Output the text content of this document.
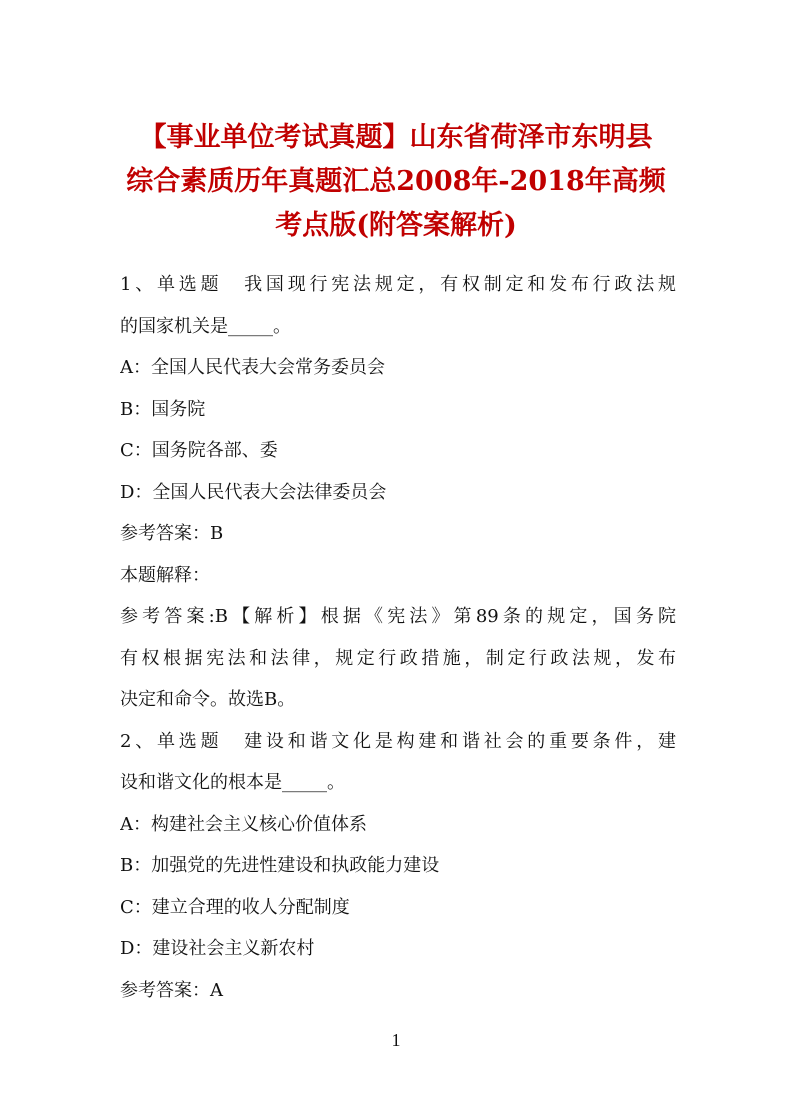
【事业单位考试真题】山东省荷泽市东明县
综合素质历年真题汇总2008年-2018年高频
考点版(附答案解析)
1、单选题　我国现行宪法规定，有权制定和发布行政法规
的国家机关是_____。
A：全国人民代表大会常务委员会
B：国务院
C：国务院各部、委
D：全国人民代表大会法律委员会
参考答案：B
本题解释：
参考答案:B【解析】根据《宪法》第89条的规定，国务院
有权根据宪法和法律，规定行政措施，制定行政法规，发布
决定和命令。故选B。
2、单选题　建设和谐文化是构建和谐社会的重要条件，建
设和谐文化的根本是_____。
A：构建社会主义核心价值体系
B：加强党的先进性建设和执政能力建设
C：建立合理的收人分配制度
D：建设社会主义新农村
参考答案：A
1
